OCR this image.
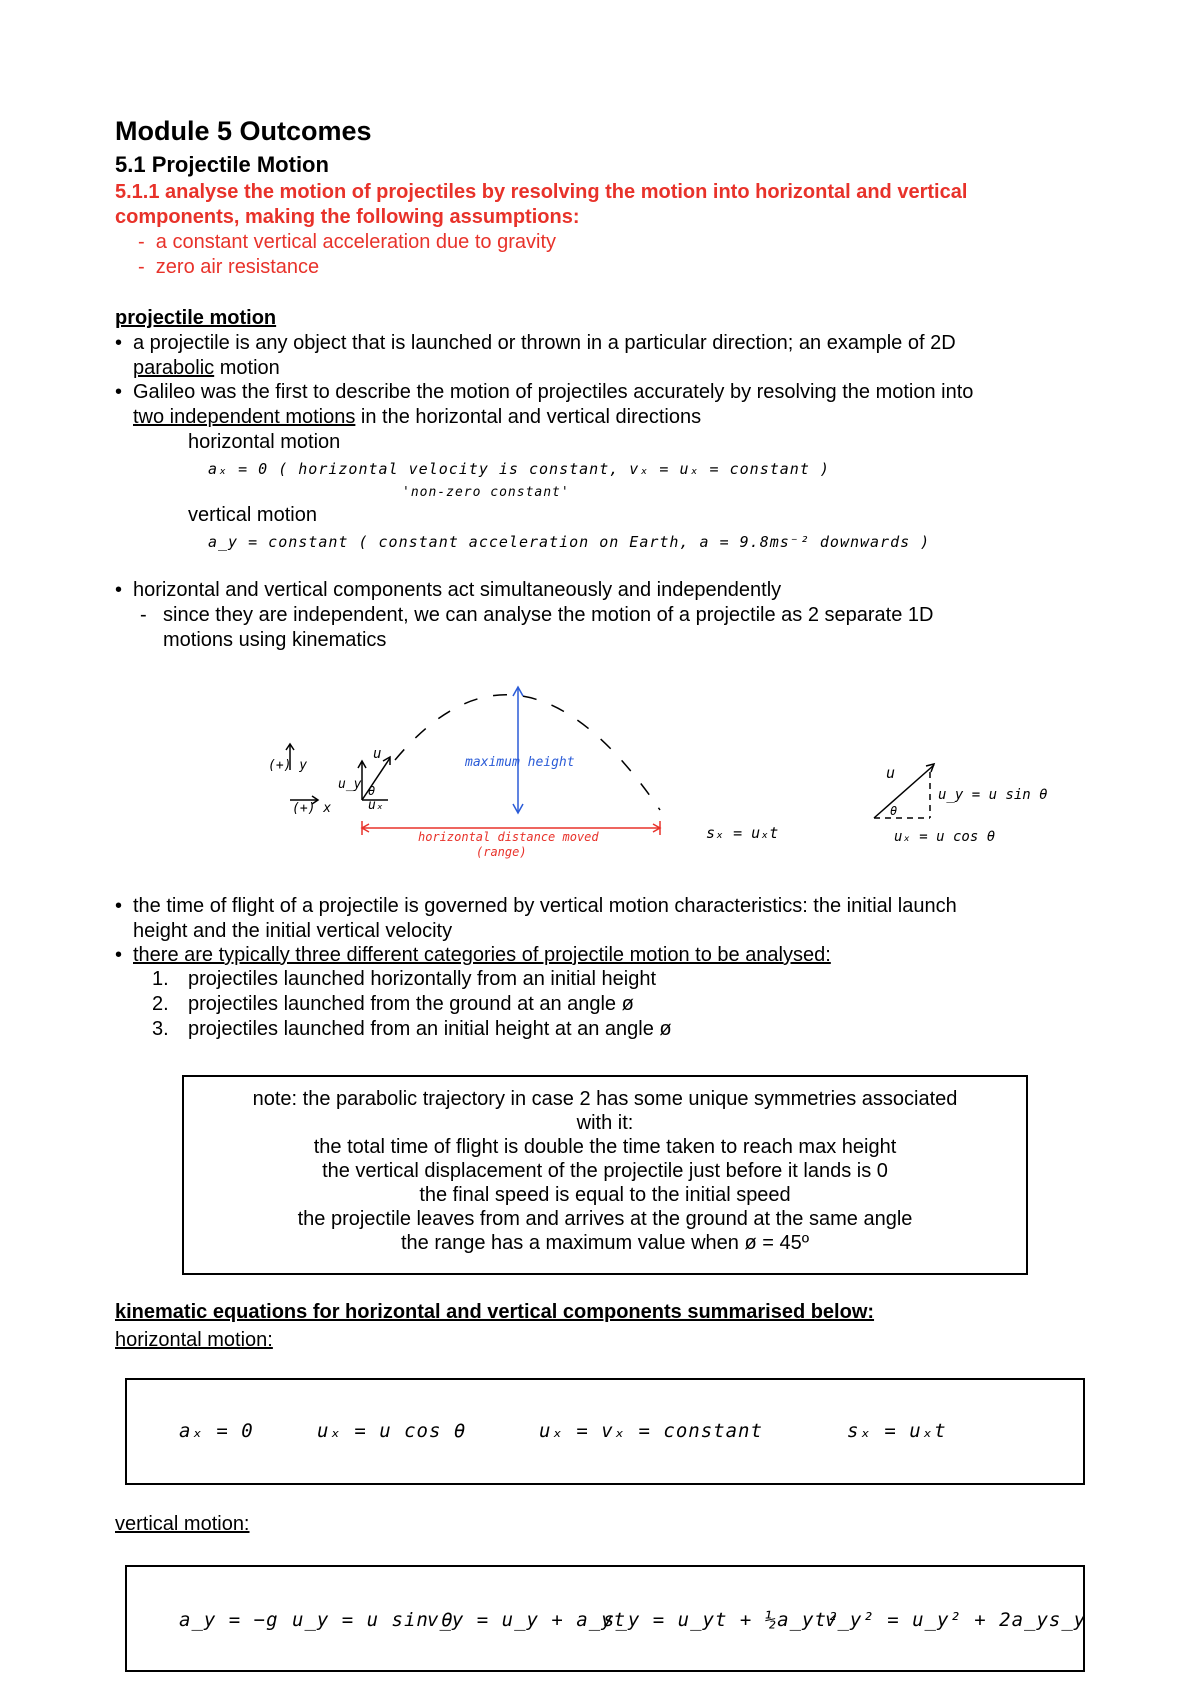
Module 5 Outcomes
5.1 Projectile Motion
5.1.1 analyse the motion of projectiles by resolving the motion into horizontal and vertical
components, making the following assumptions:
‐  a constant vertical acceleration due to gravity
‐  zero air resistance
projectile motion
• a projectile is any object that is launched or thrown in a particular direction; an example of 2D
parabolic motion
• Galileo was the first to describe the motion of projectiles accurately by resolving the motion into
two independent motions in the horizontal and vertical directions
horizontal motion
aₓ = 0 ( horizontal velocity is constant, vₓ = uₓ = constant )
'non-zero constant'
vertical motion
a_y = constant ( constant acceleration on Earth, a = 9.8ms⁻² downwards )
• horizontal and vertical components act simultaneously and independently
‐ since they are independent, we can analyse the motion of a projectile as 2 separate 1D
motions using kinematics
(+) y
(+) x
u
u_y
uₓ
θ
maximum height
horizontal distance moved
(range)
sₓ = uₓt
u
θ
u_y = u sin θ
uₓ = u cos θ
• the time of flight of a projectile is governed by vertical motion characteristics: the initial launch
height and the initial vertical velocity
• there are typically three different categories of projectile motion to be analysed:
1. projectiles launched horizontally from an initial height
2. projectiles launched from the ground at an angle ø
3. projectiles launched from an initial height at an angle ø
note: the parabolic trajectory in case 2 has some unique symmetries associated
with it:
the total time of flight is double the time taken to reach max height
the vertical displacement of the projectile just before it lands is 0
the final speed is equal to the initial speed
the projectile leaves from and arrives at the ground at the same angle
the range has a maximum value when ø = 45º
kinematic equations for horizontal and vertical components summarised below:
horizontal motion:
aₓ = 0	uₓ = u cos θ	uₓ = vₓ = constant	sₓ = uₓt
vertical motion:
a_y = −g u_y = u sin θ
v_y = u_y + a_yt
s_y = u_yt + ½a_yt²
v_y² = u_y² + 2a_ys_y
